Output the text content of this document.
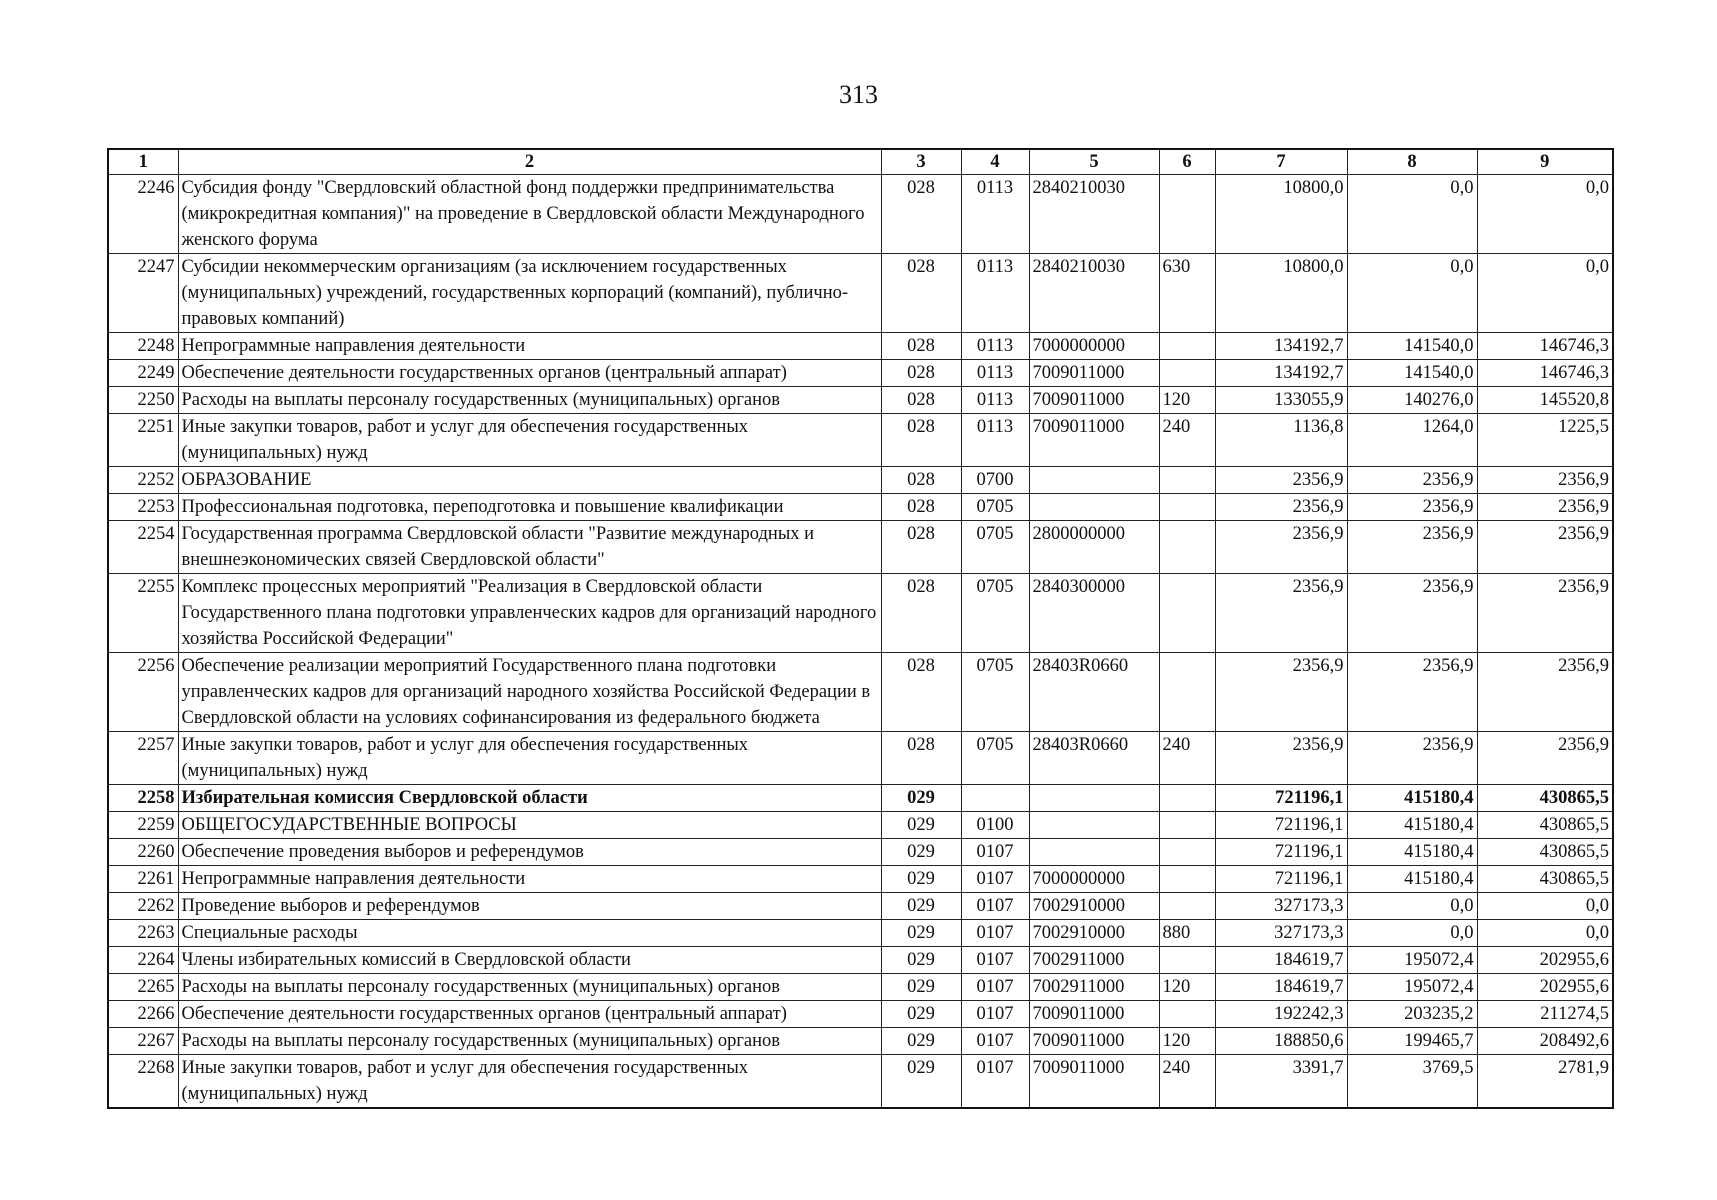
313
1	2	3	4	5	6	7	8	9
2246	Субсидия фонду "Свердловский областной фонд поддержки предпринимательства (микрокредитная компания)" на проведение в Свердловской области Международного женского форума	028	0113	2840210030		10800,0	0,0	0,0
2247	Субсидии некоммерческим организациям (за исключением государственных (муниципальных) учреждений, государственных корпораций (компаний), публично-правовых компаний)	028	0113	2840210030	630	10800,0	0,0	0,0
2248	Непрограммные направления деятельности	028	0113	7000000000		134192,7	141540,0	146746,3
2249	Обеспечение деятельности государственных органов (центральный аппарат)	028	0113	7009011000		134192,7	141540,0	146746,3
2250	Расходы на выплаты персоналу государственных (муниципальных) органов	028	0113	7009011000	120	133055,9	140276,0	145520,8
2251	Иные закупки товаров, работ и услуг для обеспечения государственных (муниципальных) нужд	028	0113	7009011000	240	1136,8	1264,0	1225,5
2252	ОБРАЗОВАНИЕ	028	0700			2356,9	2356,9	2356,9
2253	Профессиональная подготовка, переподготовка и повышение квалификации	028	0705			2356,9	2356,9	2356,9
2254	Государственная программа Свердловской области "Развитие международных и внешнеэкономических связей Свердловской области"	028	0705	2800000000		2356,9	2356,9	2356,9
2255	Комплекс процессных мероприятий "Реализация в Свердловской области Государственного плана подготовки управленческих кадров для организаций народного хозяйства Российской Федерации"	028	0705	2840300000		2356,9	2356,9	2356,9
2256	Обеспечение реализации мероприятий Государственного плана подготовки управленческих кадров для организаций народного хозяйства Российской Федерации в Свердловской области на условиях софинансирования из федерального бюджета	028	0705	28403R0660		2356,9	2356,9	2356,9
2257	Иные закупки товаров, работ и услуг для обеспечения государственных (муниципальных) нужд	028	0705	28403R0660	240	2356,9	2356,9	2356,9
2258	Избирательная комиссия Свердловской области	029				721196,1	415180,4	430865,5
2259	ОБЩЕГОСУДАРСТВЕННЫЕ ВОПРОСЫ	029	0100			721196,1	415180,4	430865,5
2260	Обеспечение проведения выборов и референдумов	029	0107			721196,1	415180,4	430865,5
2261	Непрограммные направления деятельности	029	0107	7000000000		721196,1	415180,4	430865,5
2262	Проведение выборов и референдумов	029	0107	7002910000		327173,3	0,0	0,0
2263	Специальные расходы	029	0107	7002910000	880	327173,3	0,0	0,0
2264	Члены избирательных комиссий в Свердловской области	029	0107	7002911000		184619,7	195072,4	202955,6
2265	Расходы на выплаты персоналу государственных (муниципальных) органов	029	0107	7002911000	120	184619,7	195072,4	202955,6
2266	Обеспечение деятельности государственных органов (центральный аппарат)	029	0107	7009011000		192242,3	203235,2	211274,5
2267	Расходы на выплаты персоналу государственных (муниципальных) органов	029	0107	7009011000	120	188850,6	199465,7	208492,6
2268	Иные закупки товаров, работ и услуг для обеспечения государственных (муниципальных) нужд	029	0107	7009011000	240	3391,7	3769,5	2781,9
